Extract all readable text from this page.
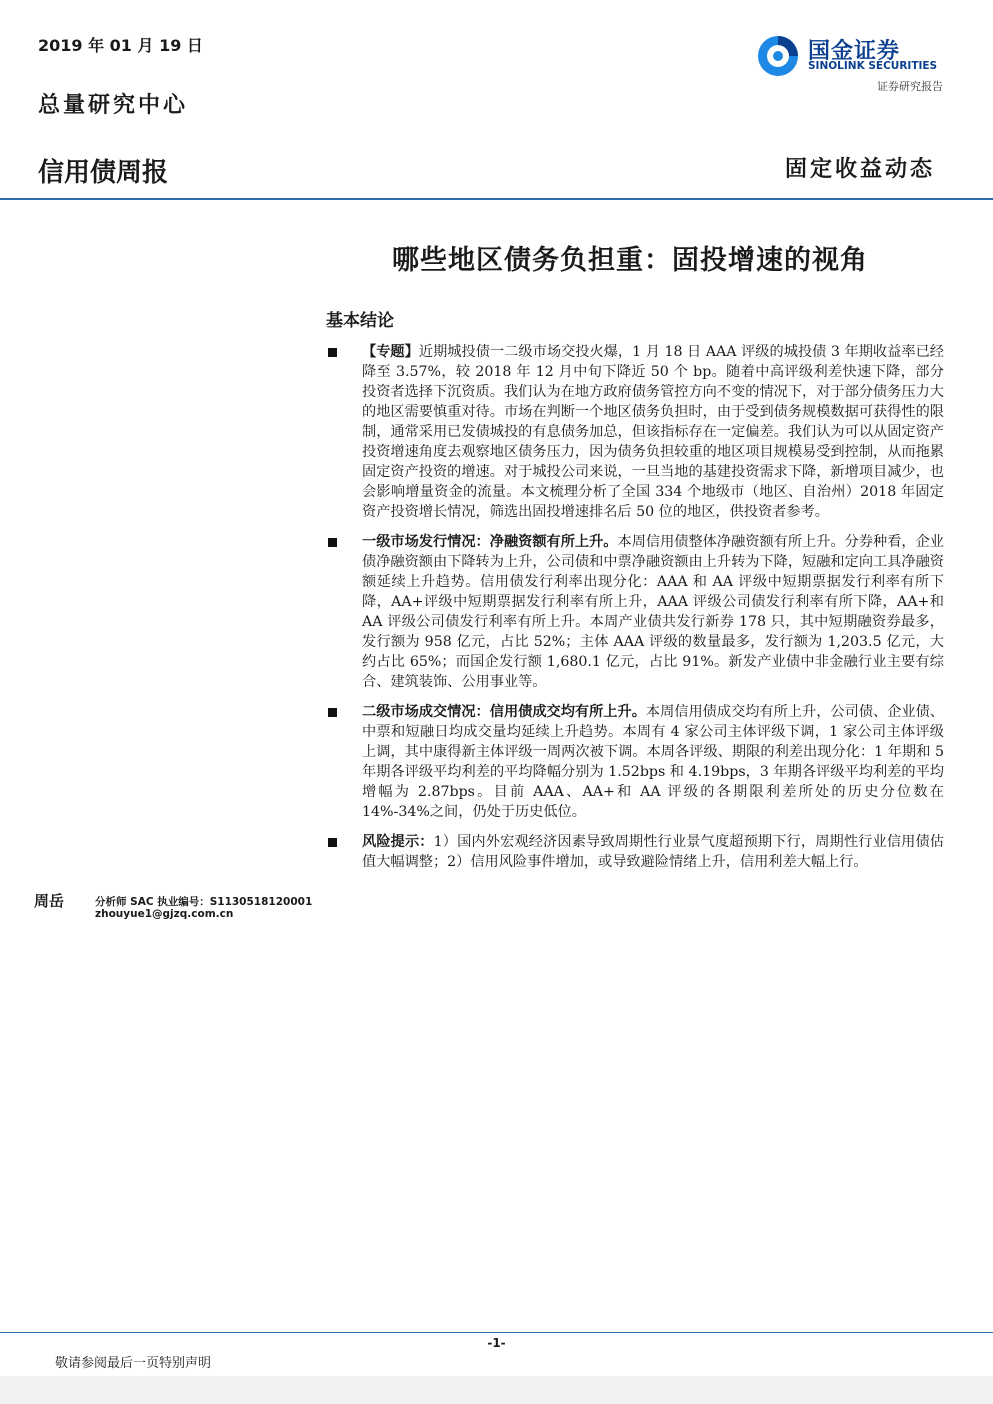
2019 年 01 月 19 日
总量研究中心
信用债周报	固定收益动态
国金证券
SINOLINK SECURITIES
证券研究报告
哪些地区债务负担重：固投增速的视角
基本结论
【专题】近期城投债一二级市场交投火爆，1 月 18 日 AAA 评级的城投债 3 年期收益率已经降至 3.57%，较 2018 年 12 月中旬下降近 50 个 bp。随着中高评级利差快速下降，部分投资者选择下沉资质。我们认为在地方政府债务管控方向不变的情况下，对于部分债务压力大的地区需要慎重对待。市场在判断一个地区债务负担时，由于受到债务规模数据可获得性的限制，通常采用已发债城投的有息债务加总，但该指标存在一定偏差。我们认为可以从固定资产投资增速角度去观察地区债务压力，因为债务负担较重的地区项目规模易受到控制，从而拖累固定资产投资的增速。对于城投公司来说，一旦当地的基建投资需求下降，新增项目减少，也会影响增量资金的流量。本文梳理分析了全国 334 个地级市（地区、自治州）2018 年固定资产投资增长情况，筛选出固投增速排名后 50 位的地区，供投资者参考。
一级市场发行情况：净融资额有所上升。本周信用债整体净融资额有所上升。分券种看，企业债净融资额由下降转为上升，公司债和中票净融资额由上升转为下降，短融和定向工具净融资额延续上升趋势。信用债发行利率出现分化：AAA 和 AA 评级中短期票据发行利率有所下降，AA+评级中短期票据发行利率有所上升，AAA 评级公司债发行利率有所下降，AA+和 AA 评级公司债发行利率有所上升。本周产业债共发行新券 178 只，其中短期融资券最多，发行额为 958 亿元，占比 52%；主体 AAA 评级的数量最多，发行额为 1,203.5 亿元，大约占比 65%；而国企发行额 1,680.1 亿元，占比 91%。新发产业债中非金融行业主要有综合、建筑装饰、公用事业等。
二级市场成交情况：信用债成交均有所上升。本周信用债成交均有所上升，公司债、企业债、中票和短融日均成交量均延续上升趋势。本周有 4 家公司主体评级下调，1 家公司主体评级上调，其中康得新主体评级一周两次被下调。本周各评级、期限的利差出现分化：1 年期和 5 年期各评级平均利差的平均降幅分别为 1.52bps 和 4.19bps，3 年期各评级平均利差的平均增幅为 2.87bps。目前 AAA、AA+和 AA 评级的各期限利差所处的历史分位数在 14%-34%之间，仍处于历史低位。
风险提示：1）国内外宏观经济因素导致周期性行业景气度超预期下行，周期性行业信用债估值大幅调整；2）信用风险事件增加，或导致避险情绪上升，信用利差大幅上行。
周岳	分析师 SAC 执业编号：S1130518120001
zhouyue1@gjzq.com.cn
-1-
敬请参阅最后一页特别声明
